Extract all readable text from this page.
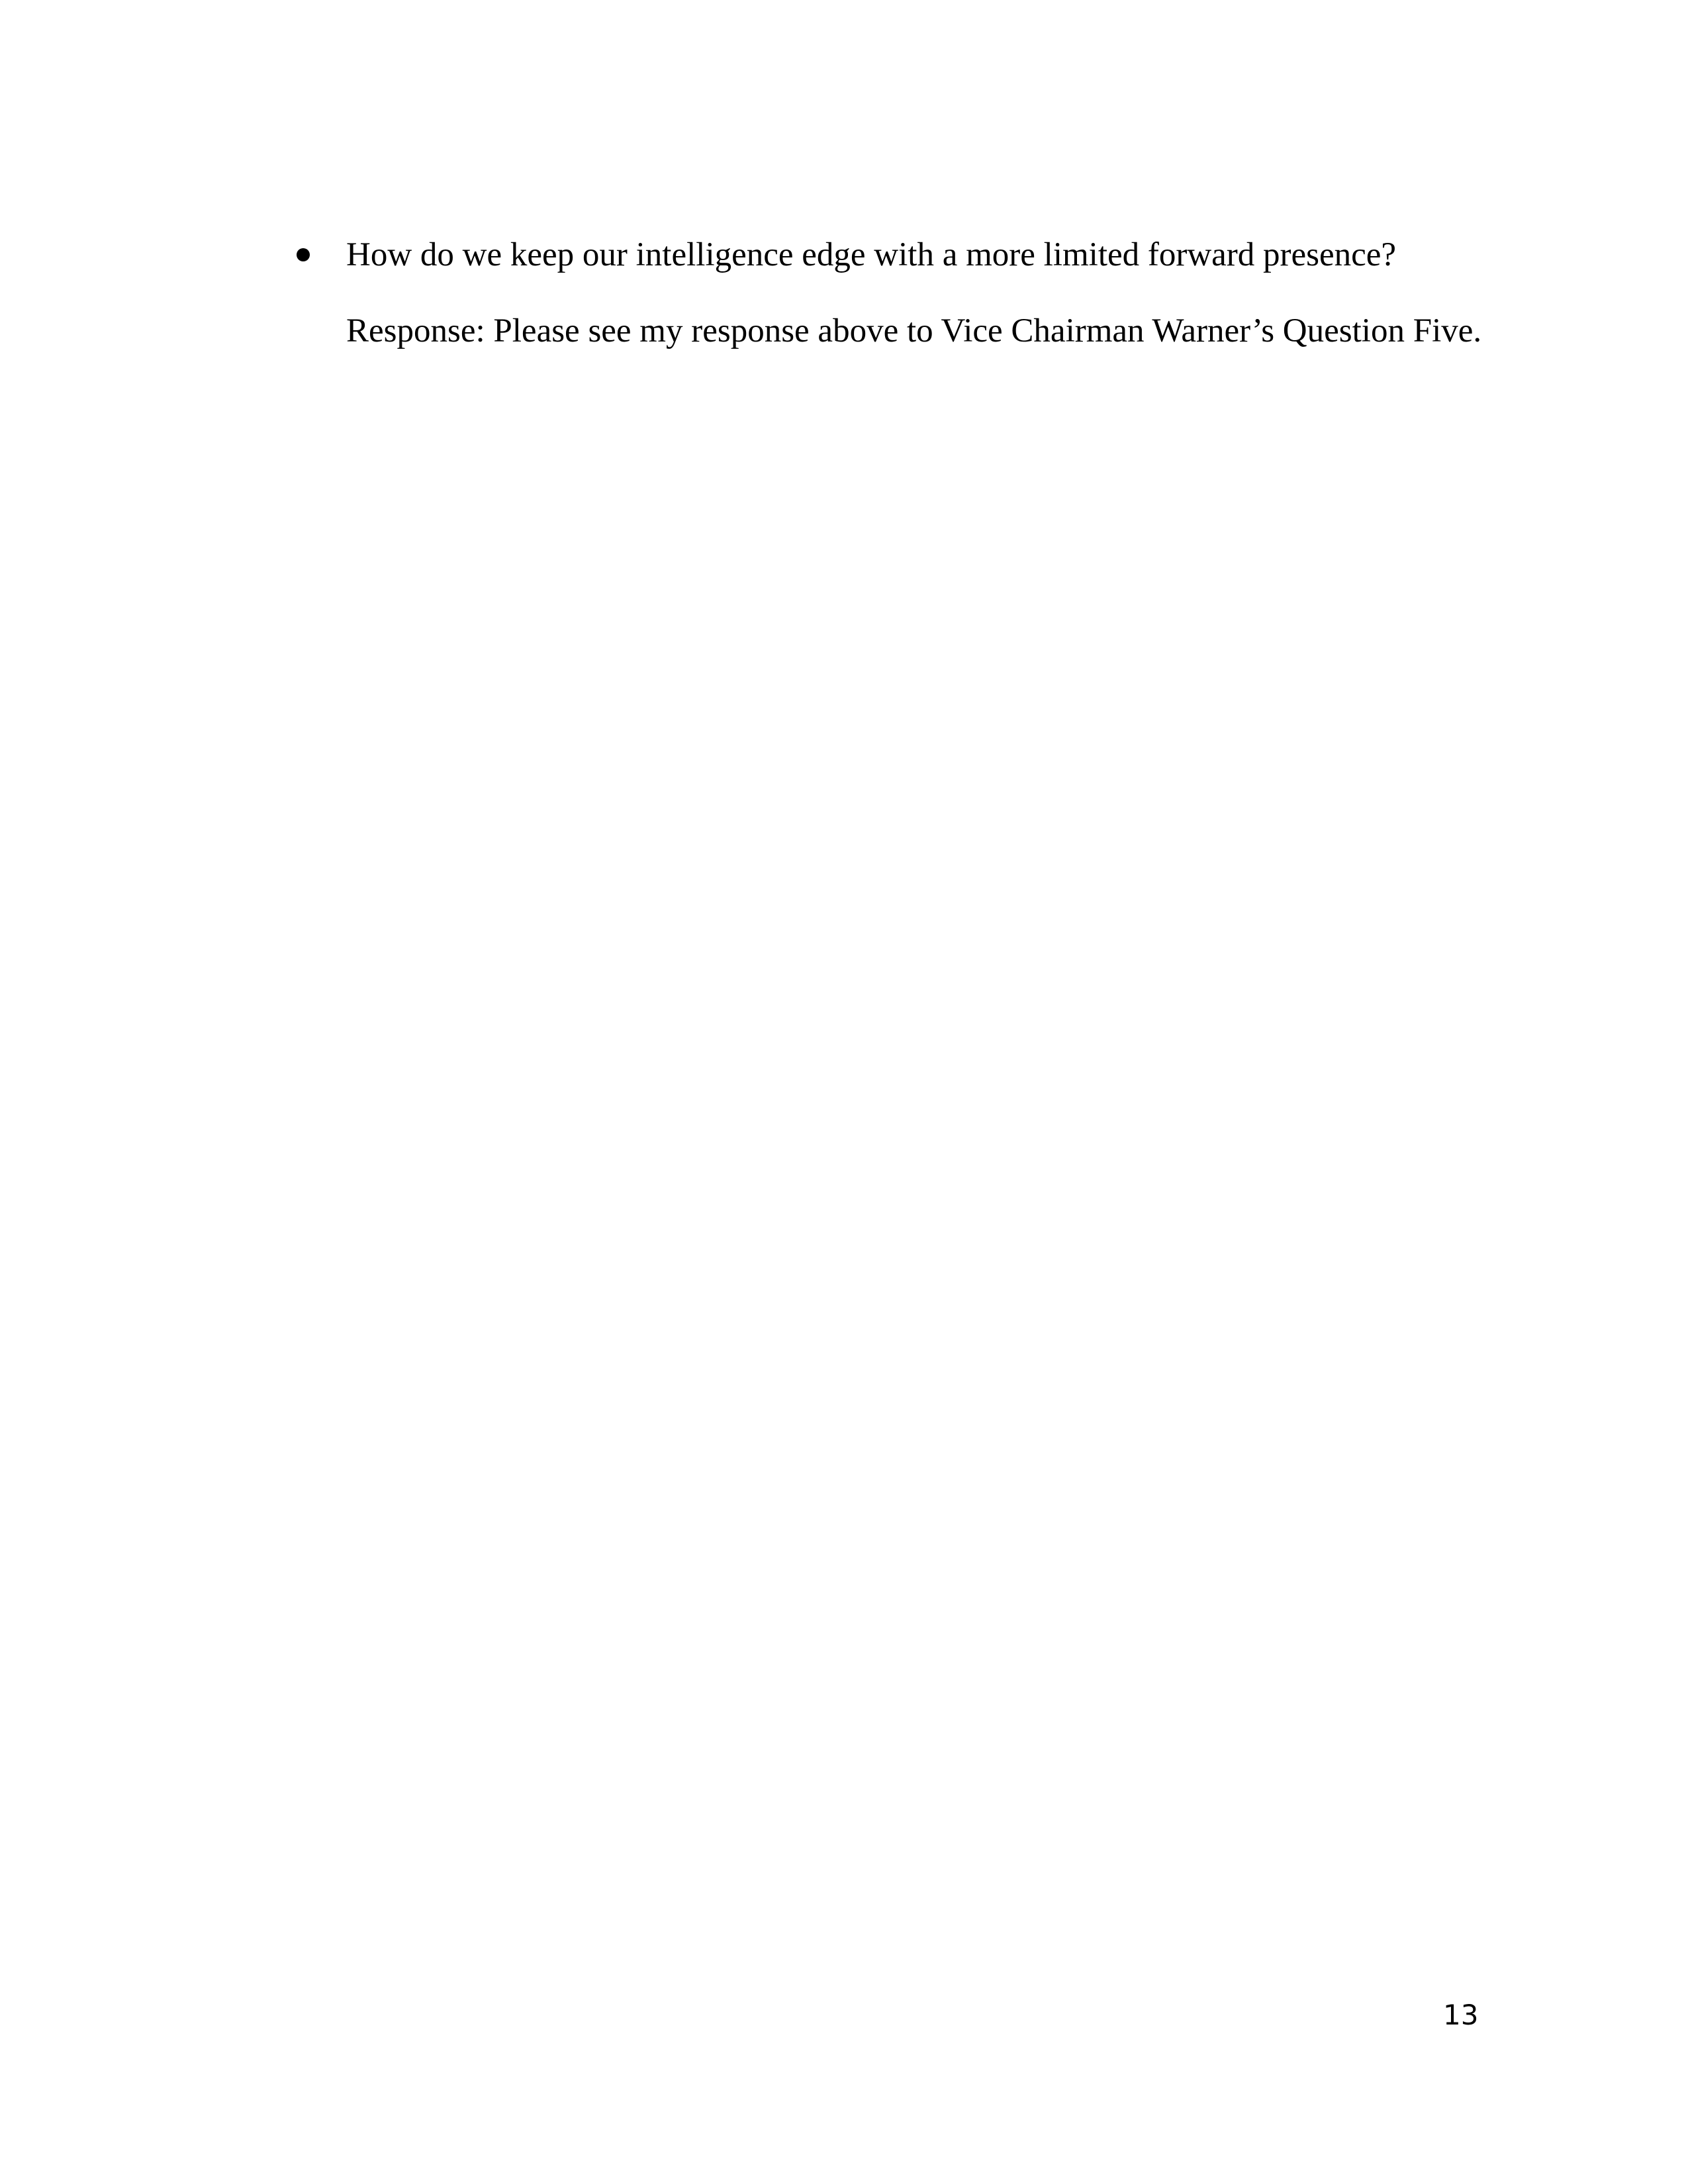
How do we keep our intelligence edge with a more limited forward presence?
Response: Please see my response above to Vice Chairman Warner’s Question Five.
13
